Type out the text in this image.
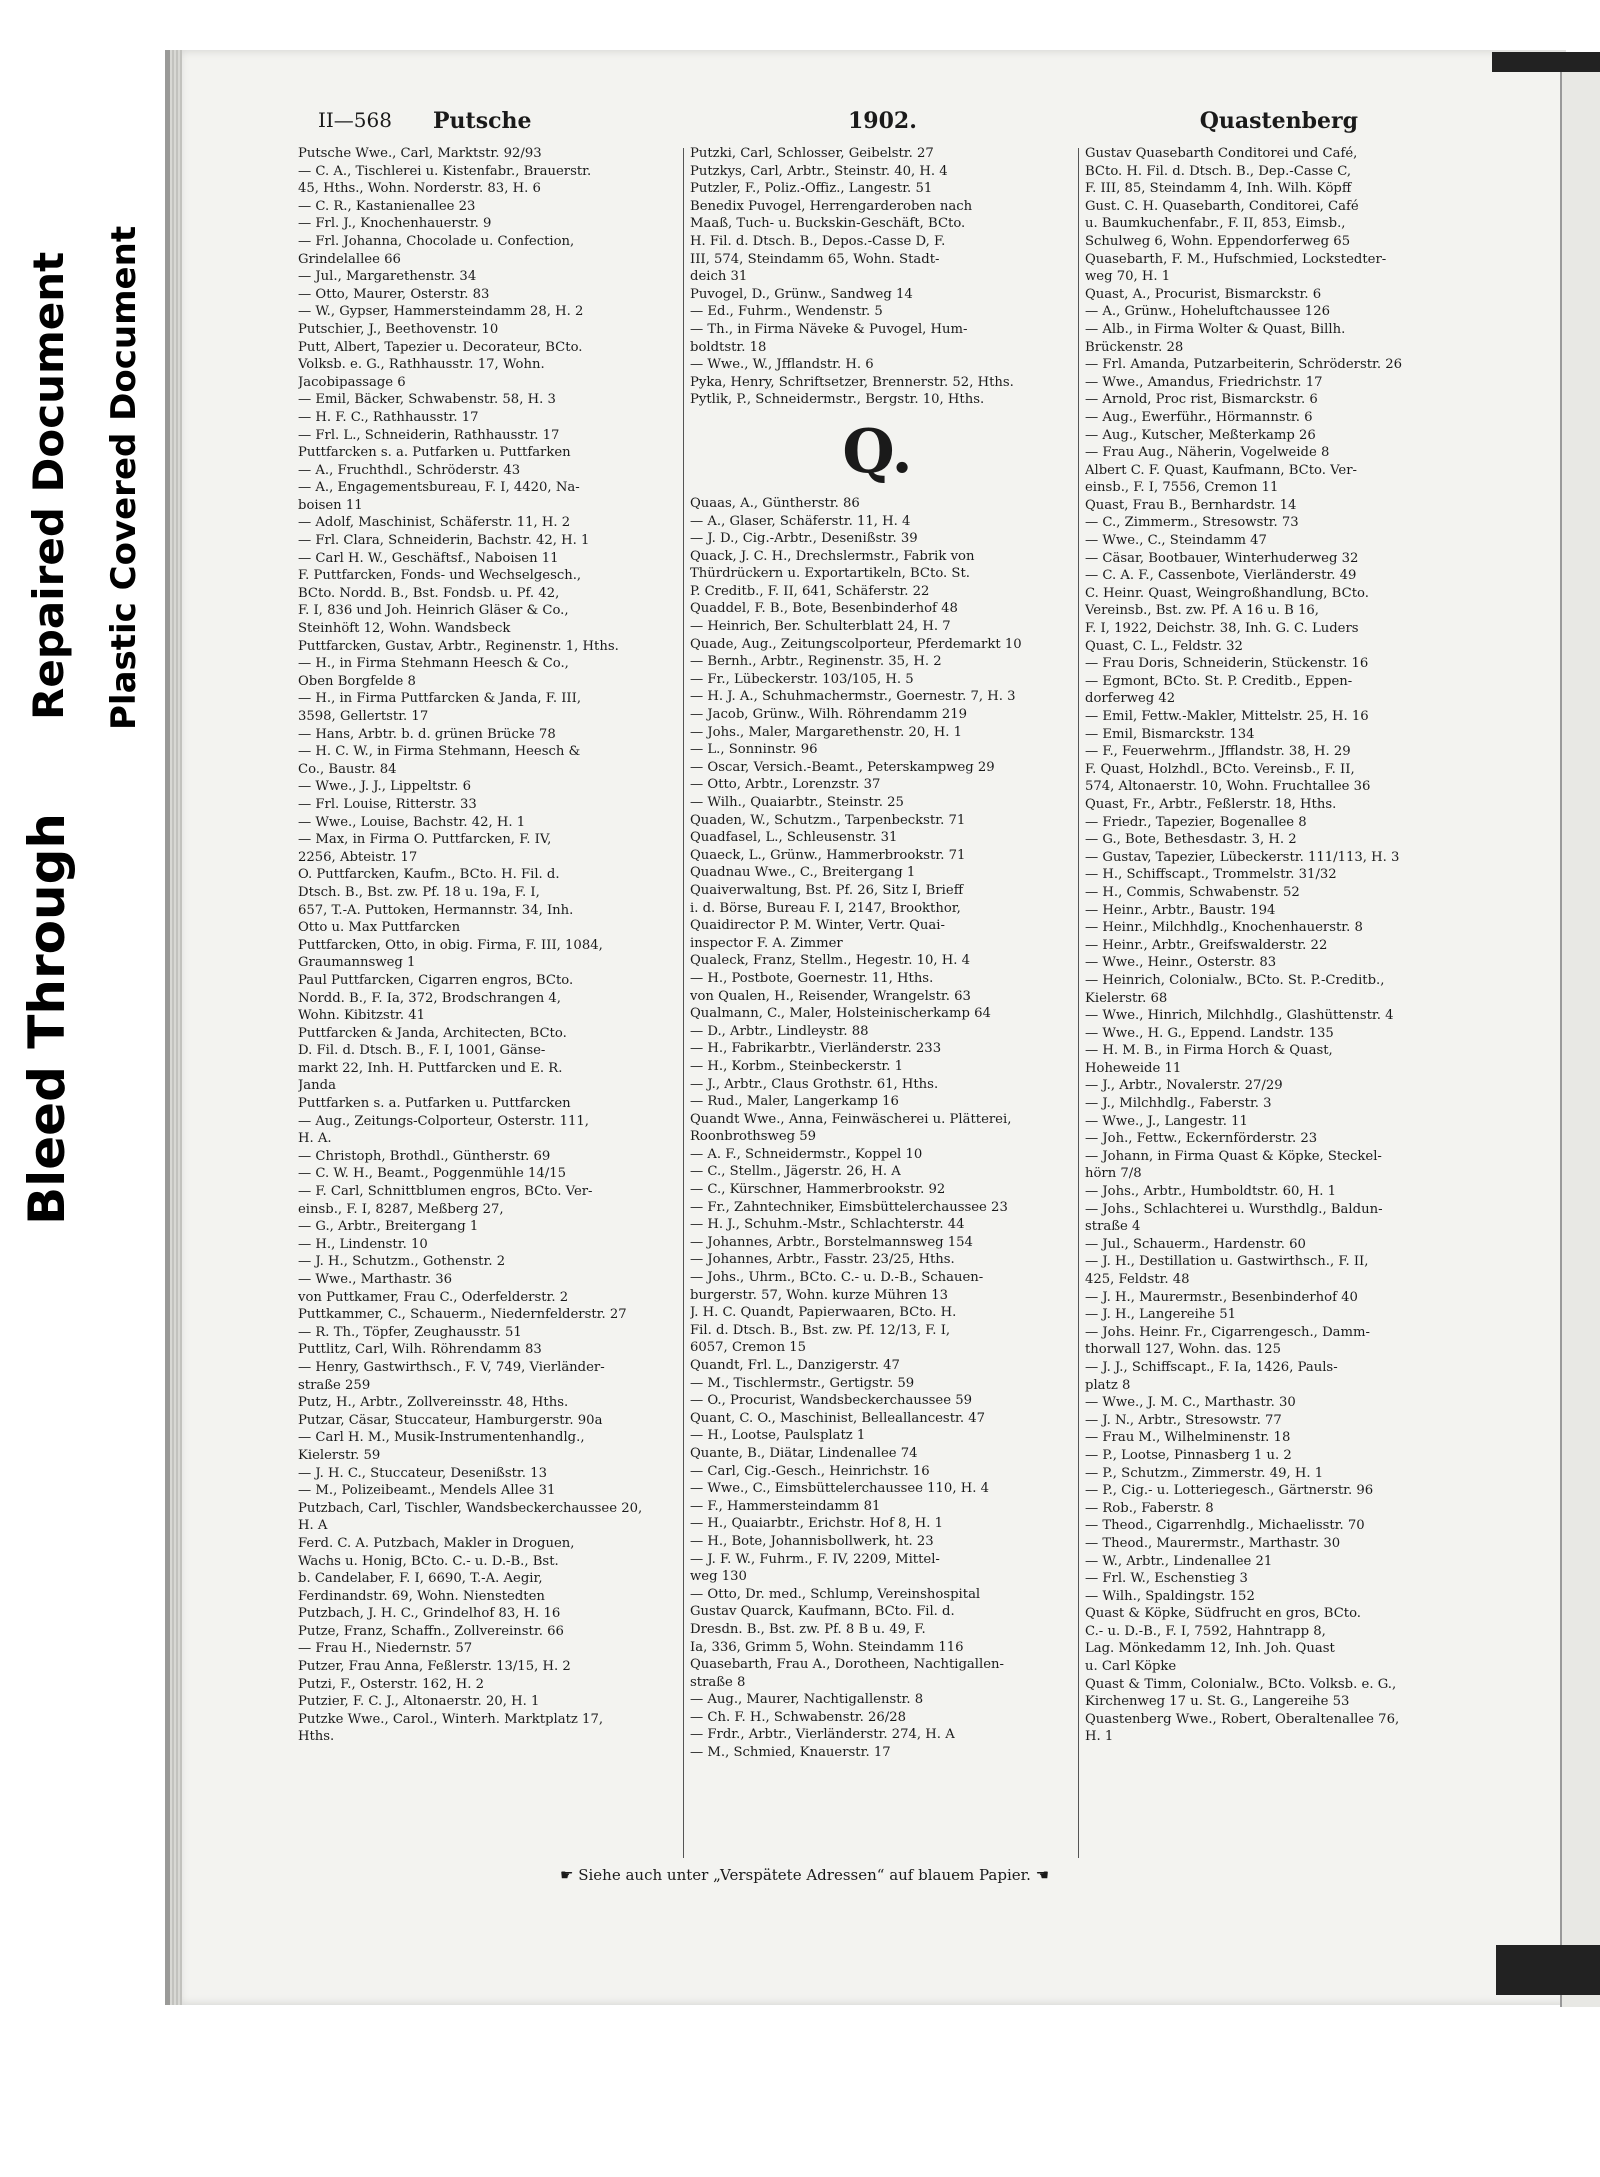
Bleed Through
Repaired Document Plastic Covered Document
II—568 Putsche	1902.	Quastenberg
Putsche Wwe., Carl, Marktstr. 92/93
— C. A., Tischlerei u. Kistenfabr., Brauerstr.
45, Hths., Wohn. Norderstr. 83, H. 6
— C. R., Kastanienallee 23
— Frl. J., Knochenhauerstr. 9
— Frl. Johanna, Chocolade u. Confection,
Grindelallee 66
— Jul., Margarethenstr. 34
— Otto, Maurer, Osterstr. 83
— W., Gypser, Hammersteindamm 28, H. 2
Putschier, J., Beethovenstr. 10
Putt, Albert, Tapezier u. Decorateur, BCto.
Volksb. e. G., Rathhausstr. 17, Wohn.
Jacobipassage 6
— Emil, Bäcker, Schwabenstr. 58, H. 3
— H. F. C., Rathhausstr. 17
— Frl. L., Schneiderin, Rathhausstr. 17
Puttfarcken s. a. Putfarken u. Puttfarken
— A., Fruchthdl., Schröderstr. 43
— A., Engagementsbureau, F. I, 4420, Na-
boisen 11
— Adolf, Maschinist, Schäferstr. 11, H. 2
— Frl. Clara, Schneiderin, Bachstr. 42, H. 1
— Carl H. W., Geschäftsf., Naboisen 11
F. Puttfarcken, Fonds- und Wechselgesch.,
BCto. Nordd. B., Bst. Fondsb. u. Pf. 42,
F. I, 836 und Joh. Heinrich Gläser & Co.,
Steinhöft 12, Wohn. Wandsbeck
Puttfarcken, Gustav, Arbtr., Reginenstr. 1, Hths.
— H., in Firma Stehmann Heesch & Co.,
Oben Borgfelde 8
— H., in Firma Puttfarcken & Janda, F. III,
3598, Gellertstr. 17
— Hans, Arbtr. b. d. grünen Brücke 78
— H. C. W., in Firma Stehmann, Heesch &
Co., Baustr. 84
— Wwe., J. J., Lippeltstr. 6
— Frl. Louise, Ritterstr. 33
— Wwe., Louise, Bachstr. 42, H. 1
— Max, in Firma O. Puttfarcken, F. IV,
2256, Abteistr. 17
O. Puttfarcken, Kaufm., BCto. H. Fil. d.
Dtsch. B., Bst. zw. Pf. 18 u. 19a, F. I,
657, T.-A. Puttoken, Hermannstr. 34, Inh.
Otto u. Max Puttfarcken
Puttfarcken, Otto, in obig. Firma, F. III, 1084,
Graumannsweg 1
Paul Puttfarcken, Cigarren engros, BCto.
Nordd. B., F. Ia, 372, Brodschrangen 4,
Wohn. Kibitzstr. 41
Puttfarcken & Janda, Architecten, BCto.
D. Fil. d. Dtsch. B., F. I, 1001, Gänse-
markt 22, Inh. H. Puttfarcken und E. R.
Janda
Puttfarken s. a. Putfarken u. Puttfarcken
— Aug., Zeitungs-Colporteur, Osterstr. 111,
H. A.
— Christoph, Brothdl., Güntherstr. 69
— C. W. H., Beamt., Poggenmühle 14/15
— F. Carl, Schnittblumen engros, BCto. Ver-
einsb., F. I, 8287, Meßberg 27,
— G., Arbtr., Breitergang 1
— H., Lindenstr. 10
— J. H., Schutzm., Gothenstr. 2
— Wwe., Marthastr. 36
von Puttkamer, Frau C., Oderfelderstr. 2
Puttkammer, C., Schauerm., Niedernfelderstr. 27
— R. Th., Töpfer, Zeughausstr. 51
Puttlitz, Carl, Wilh. Röhrendamm 83
— Henry, Gastwirthsch., F. V, 749, Vierländer-
straße 259
Putz, H., Arbtr., Zollvereinsstr. 48, Hths.
Putzar, Cäsar, Stuccateur, Hamburgerstr. 90a
— Carl H. M., Musik-Instrumentenhandlg.,
Kielerstr. 59
— J. H. C., Stuccateur, Desenißstr. 13
— M., Polizeibeamt., Mendels Allee 31
Putzbach, Carl, Tischler, Wandsbeckerchaussee 20,
H. A
Ferd. C. A. Putzbach, Makler in Droguen,
Wachs u. Honig, BCto. C.- u. D.-B., Bst.
b. Candelaber, F. I, 6690, T.-A. Aegir,
Ferdinandstr. 69, Wohn. Nienstedten
Putzbach, J. H. C., Grindelhof 83, H. 16
Putze, Franz, Schaffn., Zollvereinstr. 66
— Frau H., Niedernstr. 57
Putzer, Frau Anna, Feßlerstr. 13/15, H. 2
Putzi, F., Osterstr. 162, H. 2
Putzier, F. C. J., Altonaerstr. 20, H. 1
Putzke Wwe., Carol., Winterh. Marktplatz 17,
Hths.
Putzki, Carl, Schlosser, Geibelstr. 27
Putzkys, Carl, Arbtr., Steinstr. 40, H. 4
Putzler, F., Poliz.-Offiz., Langestr. 51
Benedix Puvogel, Herrengarderoben nach
Maaß, Tuch- u. Buckskin-Geschäft, BCto.
H. Fil. d. Dtsch. B., Depos.-Casse D, F.
III, 574, Steindamm 65, Wohn. Stadt-
deich 31
Puvogel, D., Grünw., Sandweg 14
— Ed., Fuhrm., Wendenstr. 5
— Th., in Firma Näveke & Puvogel, Hum-
boldtstr. 18
— Wwe., W., Jfflandstr. H. 6
Pyka, Henry, Schriftsetzer, Brennerstr. 52, Hths.
Pytlik, P., Schneidermstr., Bergstr. 10, Hths.
Q.
Quaas, A., Güntherstr. 86
— A., Glaser, Schäferstr. 11, H. 4
— J. D., Cig.-Arbtr., Desenißstr. 39
Quack, J. C. H., Drechslermstr., Fabrik von
Thürdrückern u. Exportartikeln, BCto. St.
P. Creditb., F. II, 641, Schäferstr. 22
Quaddel, F. B., Bote, Besenbinderhof 48
— Heinrich, Ber. Schulterblatt 24, H. 7
Quade, Aug., Zeitungscolporteur, Pferdemarkt 10
— Bernh., Arbtr., Reginenstr. 35, H. 2
— Fr., Lübeckerstr. 103/105, H. 5
— H. J. A., Schuhmachermstr., Goernestr. 7, H. 3
— Jacob, Grünw., Wilh. Röhrendamm 219
— Johs., Maler, Margarethenstr. 20, H. 1
— L., Sonninstr. 96
— Oscar, Versich.-Beamt., Peterskampweg 29
— Otto, Arbtr., Lorenzstr. 37
— Wilh., Quaiarbtr., Steinstr. 25
Quaden, W., Schutzm., Tarpenbeckstr. 71
Quadfasel, L., Schleusenstr. 31
Quaeck, L., Grünw., Hammerbrookstr. 71
Quadnau Wwe., C., Breitergang 1
Quaiverwaltung, Bst. Pf. 26, Sitz I, Brieff
i. d. Börse, Bureau F. I, 2147, Brookthor,
Quaidirector P. M. Winter, Vertr. Quai-
inspector F. A. Zimmer
Qualeck, Franz, Stellm., Hegestr. 10, H. 4
— H., Postbote, Goernestr. 11, Hths.
von Qualen, H., Reisender, Wrangelstr. 63
Qualmann, C., Maler, Holsteinischerkamp 64
— D., Arbtr., Lindleystr. 88
— H., Fabrikarbtr., Vierländerstr. 233
— H., Korbm., Steinbeckerstr. 1
— J., Arbtr., Claus Grothstr. 61, Hths.
— Rud., Maler, Langerkamp 16
Quandt Wwe., Anna, Feinwäscherei u. Plätterei,
Roonbrothsweg 59
— A. F., Schneidermstr., Koppel 10
— C., Stellm., Jägerstr. 26, H. A
— C., Kürschner, Hammerbrookstr. 92
— Fr., Zahntechniker, Eimsbüttelerchaussee 23
— H. J., Schuhm.-Mstr., Schlachterstr. 44
— Johannes, Arbtr., Borstelmannsweg 154
— Johannes, Arbtr., Fasstr. 23/25, Hths.
— Johs., Uhrm., BCto. C.- u. D.-B., Schauen-
burgerstr. 57, Wohn. kurze Mühren 13
J. H. C. Quandt, Papierwaaren, BCto. H.
Fil. d. Dtsch. B., Bst. zw. Pf. 12/13, F. I,
6057, Cremon 15
Quandt, Frl. L., Danzigerstr. 47
— M., Tischlermstr., Gertigstr. 59
— O., Procurist, Wandsbeckerchaussee 59
Quant, C. O., Maschinist, Belleallancestr. 47
— H., Lootse, Paulsplatz 1
Quante, B., Diätar, Lindenallee 74
— Carl, Cig.-Gesch., Heinrichstr. 16
— Wwe., C., Eimsbüttelerchaussee 110, H. 4
— F., Hammersteindamm 81
— H., Quaiarbtr., Erichstr. Hof 8, H. 1
— H., Bote, Johannisbollwerk, ht. 23
— J. F. W., Fuhrm., F. IV, 2209, Mittel-
weg 130
— Otto, Dr. med., Schlump, Vereinshospital
Gustav Quarck, Kaufmann, BCto. Fil. d.
Dresdn. B., Bst. zw. Pf. 8 B u. 49, F.
Ia, 336, Grimm 5, Wohn. Steindamm 116
Quasebarth, Frau A., Dorotheen, Nachtigallen-
straße 8
— Aug., Maurer, Nachtigallenstr. 8
— Ch. F. H., Schwabenstr. 26/28
— Frdr., Arbtr., Vierländerstr. 274, H. A
— M., Schmied, Knauerstr. 17
Gustav Quasebarth Conditorei und Café,
BCto. H. Fil. d. Dtsch. B., Dep.-Casse C,
F. III, 85, Steindamm 4, Inh. Wilh. Köpff
Gust. C. H. Quasebarth, Conditorei, Café
u. Baumkuchenfabr., F. II, 853, Eimsb.,
Schulweg 6, Wohn. Eppendorferweg 65
Quasebarth, F. M., Hufschmied, Lockstedter-
weg 70, H. 1
Quast, A., Procurist, Bismarckstr. 6
— A., Grünw., Hoheluftchaussee 126
— Alb., in Firma Wolter & Quast, Billh.
Brückenstr. 28
— Frl. Amanda, Putzarbeiterin, Schröderstr. 26
— Wwe., Amandus, Friedrichstr. 17
— Arnold, Proc rist, Bismarckstr. 6
— Aug., Ewerführ., Hörmannstr. 6
— Aug., Kutscher, Meßterkamp 26
— Frau Aug., Näherin, Vogelweide 8
Albert C. F. Quast, Kaufmann, BCto. Ver-
einsb., F. I, 7556, Cremon 11
Quast, Frau B., Bernhardstr. 14
— C., Zimmerm., Stresowstr. 73
— Wwe., C., Steindamm 47
— Cäsar, Bootbauer, Winterhuderweg 32
— C. A. F., Cassenbote, Vierländerstr. 49
C. Heinr. Quast, Weingroßhandlung, BCto.
Vereinsb., Bst. zw. Pf. A 16 u. B 16,
F. I, 1922, Deichstr. 38, Inh. G. C. Luders
Quast, C. L., Feldstr. 32
— Frau Doris, Schneiderin, Stückenstr. 16
— Egmont, BCto. St. P. Creditb., Eppen-
dorferweg 42
— Emil, Fettw.-Makler, Mittelstr. 25, H. 16
— Emil, Bismarckstr. 134
— F., Feuerwehrm., Jfflandstr. 38, H. 29
F. Quast, Holzhdl., BCto. Vereinsb., F. II,
574, Altonaerstr. 10, Wohn. Fruchtallee 36
Quast, Fr., Arbtr., Feßlerstr. 18, Hths.
— Friedr., Tapezier, Bogenallee 8
— G., Bote, Bethesdastr. 3, H. 2
— Gustav, Tapezier, Lübeckerstr. 111/113, H. 3
— H., Schiffscapt., Trommelstr. 31/32
— H., Commis, Schwabenstr. 52
— Heinr., Arbtr., Baustr. 194
— Heinr., Milchhdlg., Knochenhauerstr. 8
— Heinr., Arbtr., Greifswalderstr. 22
— Wwe., Heinr., Osterstr. 83
— Heinrich, Colonialw., BCto. St. P.-Creditb.,
Kielerstr. 68
— Wwe., Hinrich, Milchhdlg., Glashüttenstr. 4
— Wwe., H. G., Eppend. Landstr. 135
— H. M. B., in Firma Horch & Quast,
Hoheweide 11
— J., Arbtr., Novalerstr. 27/29
— J., Milchhdlg., Faberstr. 3
— Wwe., J., Langestr. 11
— Joh., Fettw., Eckernförderstr. 23
— Johann, in Firma Quast & Köpke, Steckel-
hörn 7/8
— Johs., Arbtr., Humboldtstr. 60, H. 1
— Johs., Schlachterei u. Wursthdlg., Baldun-
straße 4
— Jul., Schauerm., Hardenstr. 60
— J. H., Destillation u. Gastwirthsch., F. II,
425, Feldstr. 48
— J. H., Maurermstr., Besenbinderhof 40
— J. H., Langereihe 51
— Johs. Heinr. Fr., Cigarrengesch., Damm-
thorwall 127, Wohn. das. 125
— J. J., Schiffscapt., F. Ia, 1426, Pauls-
platz 8
— Wwe., J. M. C., Marthastr. 30
— J. N., Arbtr., Stresowstr. 77
— Frau M., Wilhelminenstr. 18
— P., Lootse, Pinnasberg 1 u. 2
— P., Schutzm., Zimmerstr. 49, H. 1
— P., Cig.- u. Lotteriegesch., Gärtnerstr. 96
— Rob., Faberstr. 8
— Theod., Cigarrenhdlg., Michaelisstr. 70
— Theod., Maurermstr., Marthastr. 30
— W., Arbtr., Lindenallee 21
— Frl. W., Eschenstieg 3
— Wilh., Spaldingstr. 152
Quast & Köpke, Südfrucht en gros, BCto.
C.- u. D.-B., F. I, 7592, Hahntrapp 8,
Lag. Mönkedamm 12, Inh. Joh. Quast
u. Carl Köpke
Quast & Timm, Colonialw., BCto. Volksb. e. G.,
Kirchenweg 17 u. St. G., Langereihe 53
Quastenberg Wwe., Robert, Oberaltenallee 76,
H. 1
☛ Siehe auch unter „Verspätete Adressen“ auf blauem Papier. ☚
